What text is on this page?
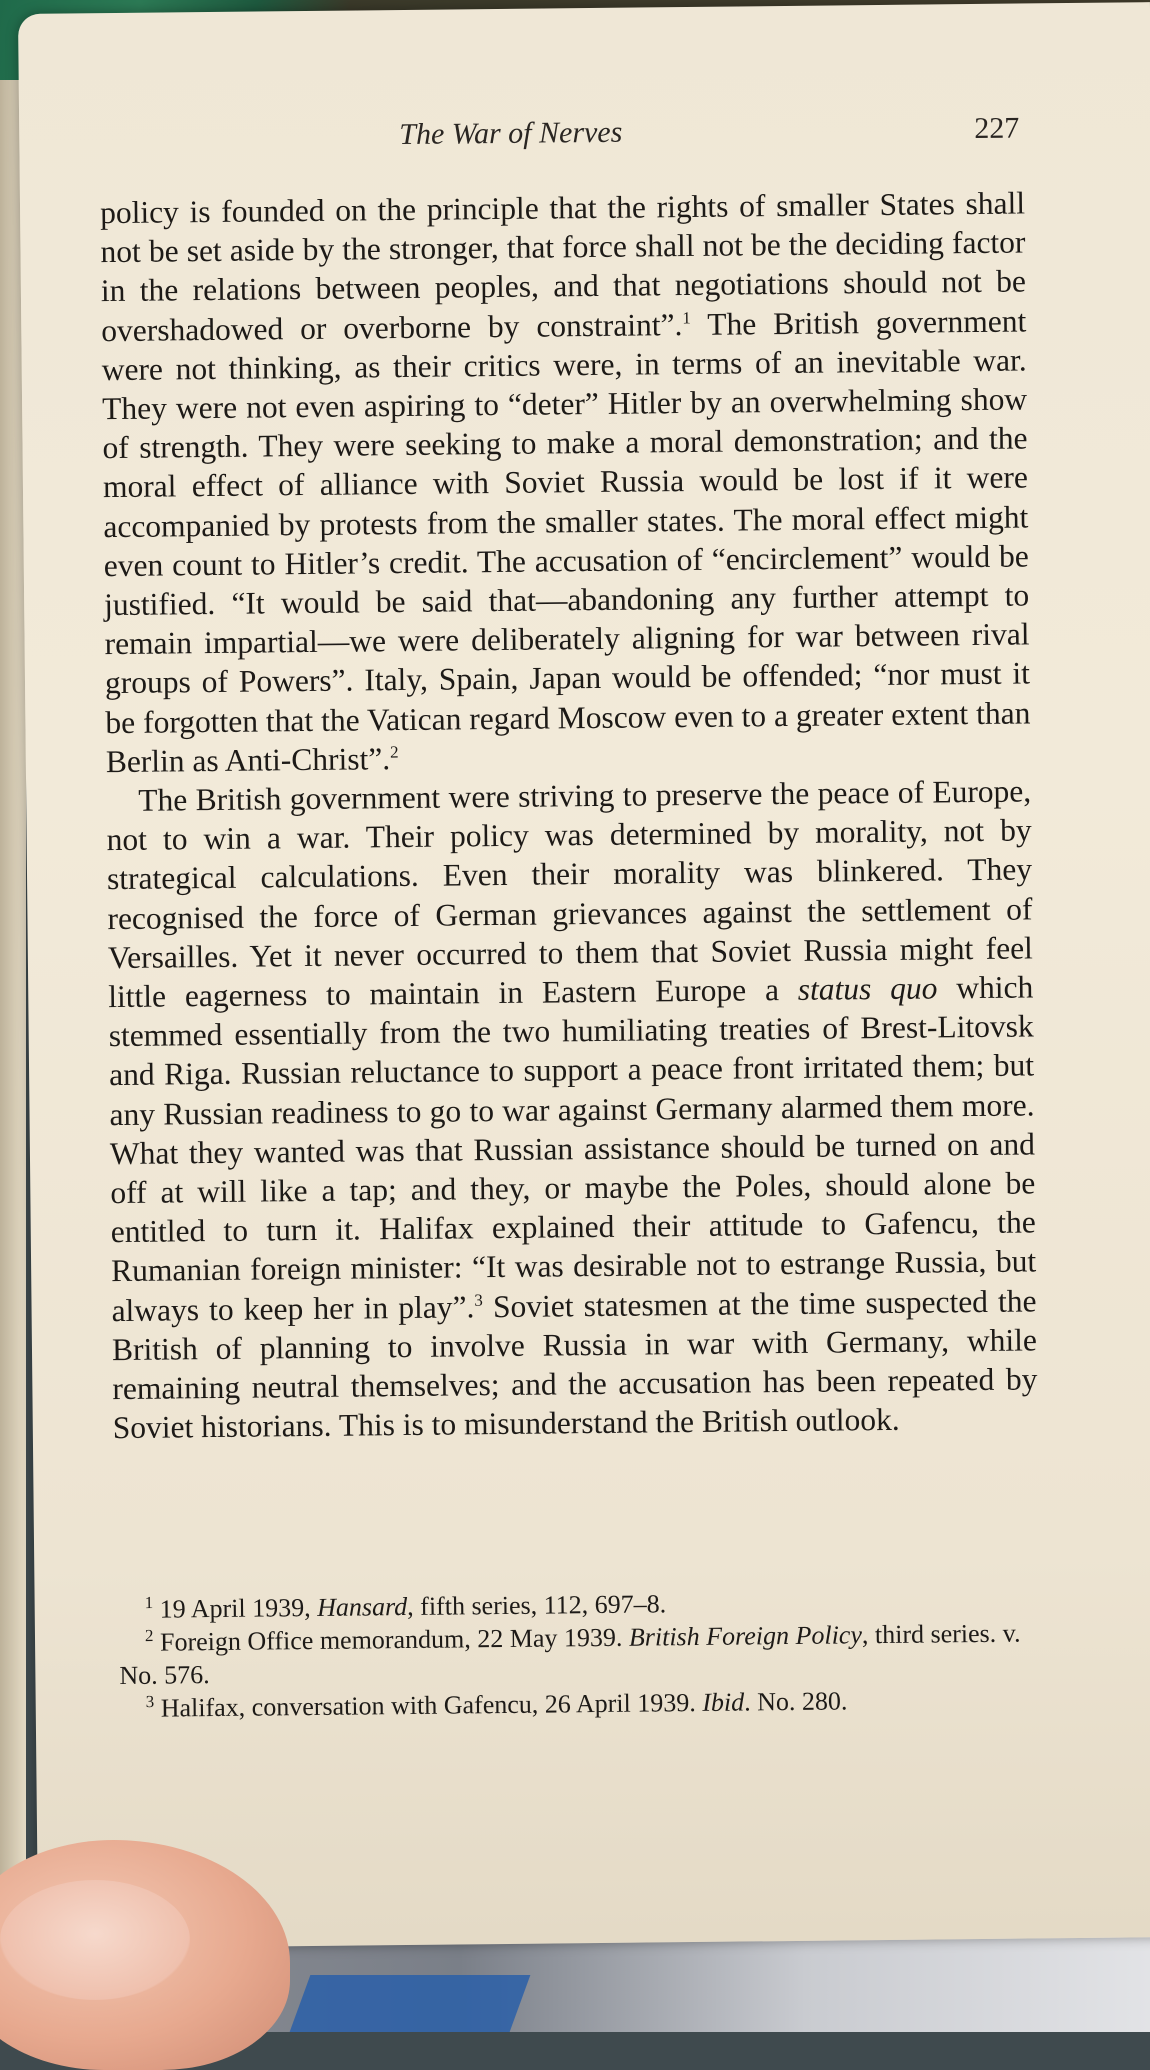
The War of Nerves	227

policy is founded on the principle that the rights of smaller States shall not be set aside by the stronger, that force shall not be the deciding factor in the relations between peoples, and that negotiations should not be overshadowed or overborne by constraint”.$^1$ The British government were not thinking, as their critics were, in terms of an inevitable war. They were not even aspiring to “deter” Hitler by an overwhelming show of strength. They were seeking to make a moral demonstration; and the moral effect of alliance with Soviet Russia would be lost if it were accompanied by protests from the smaller states. The moral effect might even count to Hitler’s credit. The accusation of “encirclement” would be justified. “It would be said that—abandoning any further attempt to remain impartial—we were deliberately aligning for war between rival groups of Powers”. Italy, Spain, Japan would be offended; “nor must it be forgotten that the Vatican regard Moscow even to a greater extent than Berlin as Anti-Christ”.$^2$

The British government were striving to preserve the peace of Europe, not to win a war. Their policy was determined by morality, not by strategical calculations. Even their morality was blinkered. They recognised the force of German grievances against the settlement of Versailles. Yet it never occurred to them that Soviet Russia might feel little eagerness to maintain in Eastern Europe a status quo which stemmed essentially from the two humiliating treaties of Brest-Litovsk and Riga. Russian reluctance to support a peace front irritated them; but any Russian readiness to go to war against Germany alarmed them more. What they wanted was that Russian assistance should be turned on and off at will like a tap; and they, or maybe the Poles, should alone be entitled to turn it. Halifax explained their attitude to Gafencu, the Rumanian foreign minister: “It was desirable not to estrange Russia, but always to keep her in play”.$^3$ Soviet statesmen at the time suspected the British of planning to involve Russia in war with Germany, while remaining neutral themselves; and the accusation has been repeated by Soviet historians. This is to misunderstand the British outlook.

$^1$ 19 April 1939, Hansard, fifth series, 112, 697–8.

$^2$ Foreign Office memorandum, 22 May 1939. British Foreign Policy, third series. v. No. 576.

$^3$ Halifax, conversation with Gafencu, 26 April 1939. Ibid. No. 280.
